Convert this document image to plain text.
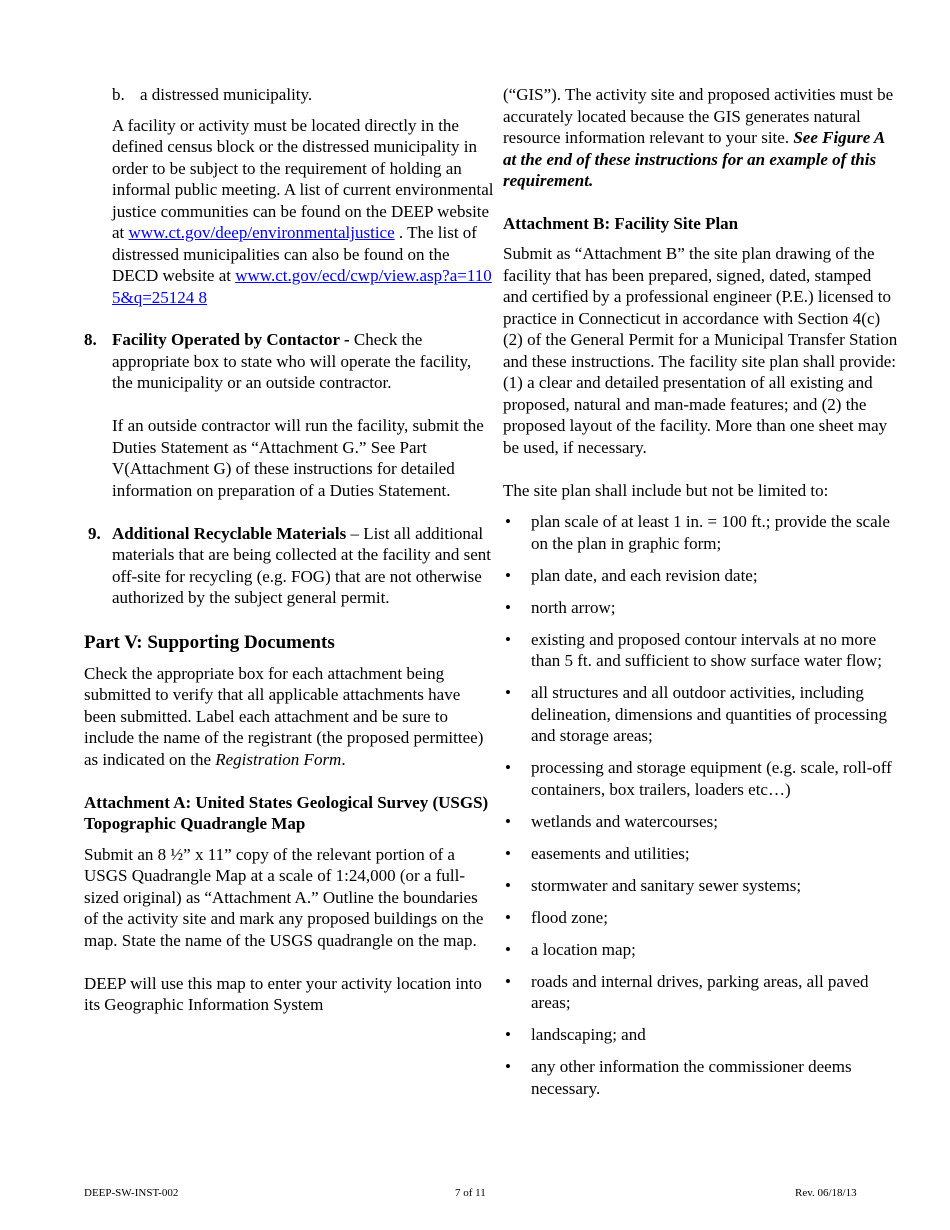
b. a distressed municipality.

A facility or activity must be located directly in the defined census block or the distressed municipality in order to be subject to the requirement of holding an informal public meeting. A list of current environmental justice communities can be found on the DEEP website at www.ct.gov/deep/environmentaljustice . The list of distressed municipalities can also be found on the DECD website at www.ct.gov/ecd/cwp/view.asp?a=1105&q=25124 8

8. Facility Operated by Contactor - Check the appropriate box to state who will operate the facility, the municipality or an outside contractor.

If an outside contractor will run the facility, submit the Duties Statement as “Attachment G.” See Part V(Attachment G) of these instructions for detailed information on preparation of a Duties Statement.

9. Additional Recyclable Materials – List all additional materials that are being collected at the facility and sent off-site for recycling (e.g. FOG) that are not otherwise authorized by the subject general permit.

Part V: Supporting Documents

Check the appropriate box for each attachment being submitted to verify that all applicable attachments have been submitted. Label each attachment and be sure to include the name of the registrant (the proposed permittee) as indicated on the Registration Form.

Attachment A: United States Geological Survey (USGS) Topographic Quadrangle Map

Submit an 8 ½” x 11” copy of the relevant portion of a USGS Quadrangle Map at a scale of 1:24,000 (or a full-sized original) as “Attachment A.” Outline the boundaries of the activity site and mark any proposed buildings on the map. State the name of the USGS quadrangle on the map.

DEEP will use this map to enter your activity location into its Geographic Information System

(“GIS”). The activity site and proposed activities must be accurately located because the GIS generates natural resource information relevant to your site. See Figure A at the end of these instructions for an example of this requirement.

Attachment B: Facility Site Plan

Submit as “Attachment B” the site plan drawing of the facility that has been prepared, signed, dated, stamped and certified by a professional engineer (P.E.) licensed to practice in Connecticut in accordance with Section 4(c)(2) of the General Permit for a Municipal Transfer Station and these instructions. The facility site plan shall provide: (1) a clear and detailed presentation of all existing and proposed, natural and man-made features; and (2) the proposed layout of the facility. More than one sheet may be used, if necessary.

The site plan shall include but not be limited to:

• plan scale of at least 1 in. = 100 ft.; provide the scale on the plan in graphic form;
• plan date, and each revision date;
• north arrow;
• existing and proposed contour intervals at no more than 5 ft. and sufficient to show surface water flow;
• all structures and all outdoor activities, including delineation, dimensions and quantities of processing and storage areas;
• processing and storage equipment (e.g. scale, roll-off containers, box trailers, loaders etc…)
• wetlands and watercourses;
• easements and utilities;
• stormwater and sanitary sewer systems;
• flood zone;
• a location map;
• roads and internal drives, parking areas, all paved areas;
• landscaping; and
• any other information the commissioner deems necessary.
DEEP-SW-INST-002	7 of 11	Rev. 06/18/13
